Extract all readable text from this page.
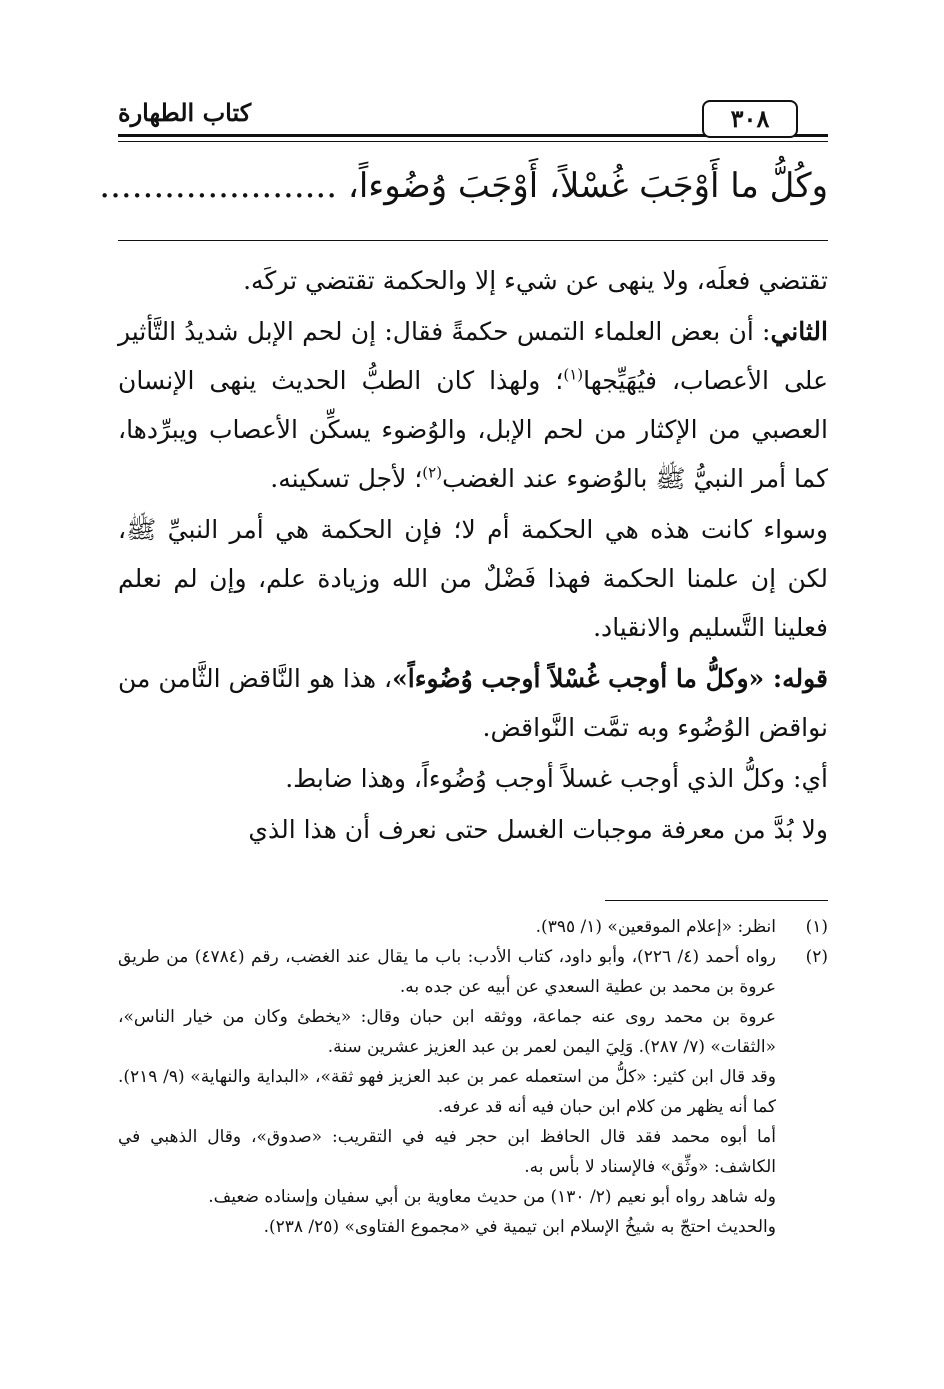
٣٠٨
كتاب الطهارة
وكُلُّ ما أَوْجَبَ غُسْلاً، أَوْجَبَ وُضُوءاً، ......................

تقتضي فعلَه، ولا ينهى عن شيء إلا والحكمة تقتضي تركَه.

الثاني: أن بعض العلماء التمس حكمةً فقال: إن لحم الإبل شديدُ التَّأثير على الأعصاب، فيُهَيِّجها$^{(١)}$؛ ولهذا كان الطبُّ الحديث ينهى الإنسان العصبي من الإكثار من لحم الإبل، والوُضوء يسكِّن الأعصاب ويبرِّدها، كما أمر النبيُّ ﷺ بالوُضوء عند الغضب$^{(٢)}$؛ لأجل تسكينه.

وسواء كانت هذه هي الحكمة أم لا؛ فإن الحكمة هي أمر النبيِّ ﷺ، لكن إن علمنا الحكمة فهذا فَضْلٌ من الله وزيادة علم، وإن لم نعلم فعلينا التَّسليم والانقياد.

قوله: «وكلُّ ما أوجب غُسْلاً أوجب وُضُوءاً»، هذا هو النَّاقض الثَّامن من نواقض الوُضُوء وبه تمَّت النَّواقض.

أي: وكلُّ الذي أوجب غسلاً أوجب وُضُوءاً، وهذا ضابط.

ولا بُدَّ من معرفة موجبات الغسل حتى نعرف أن هذا الذي

(١)
انظر: «إعلام الموقعين» (١/ ٣٩٥).
(٢)
رواه أحمد (٤/ ٢٢٦)، وأبو داود، كتاب الأدب: باب ما يقال عند الغضب، رقم (٤٧٨٤) من طريق عروة بن محمد بن عطية السعدي عن أبيه عن جده به.
عروة بن محمد روى عنه جماعة، ووثقه ابن حبان وقال: «يخطئ وكان من خيار الناس»، «الثقات» (٧/ ٢٨٧). وَلِيَ اليمن لعمر بن عبد العزيز عشرين سنة.
وقد قال ابن كثير: «كلُّ من استعمله عمر بن عبد العزيز فهو ثقة»، «البداية والنهاية» (٩/ ٢١٩). كما أنه يظهر من كلام ابن حبان فيه أنه قد عرفه.
أما أبوه محمد فقد قال الحافظ ابن حجر فيه في التقريب: «صدوق»، وقال الذهبي في الكاشف: «وثِّق» فالإسناد لا بأس به.
وله شاهد رواه أبو نعيم (٢/ ١٣٠) من حديث معاوية بن أبي سفيان وإسناده ضعيف.
والحديث احتجّ به شيخُ الإسلام ابن تيمية في «مجموع الفتاوى» (٢٥/ ٢٣٨).
